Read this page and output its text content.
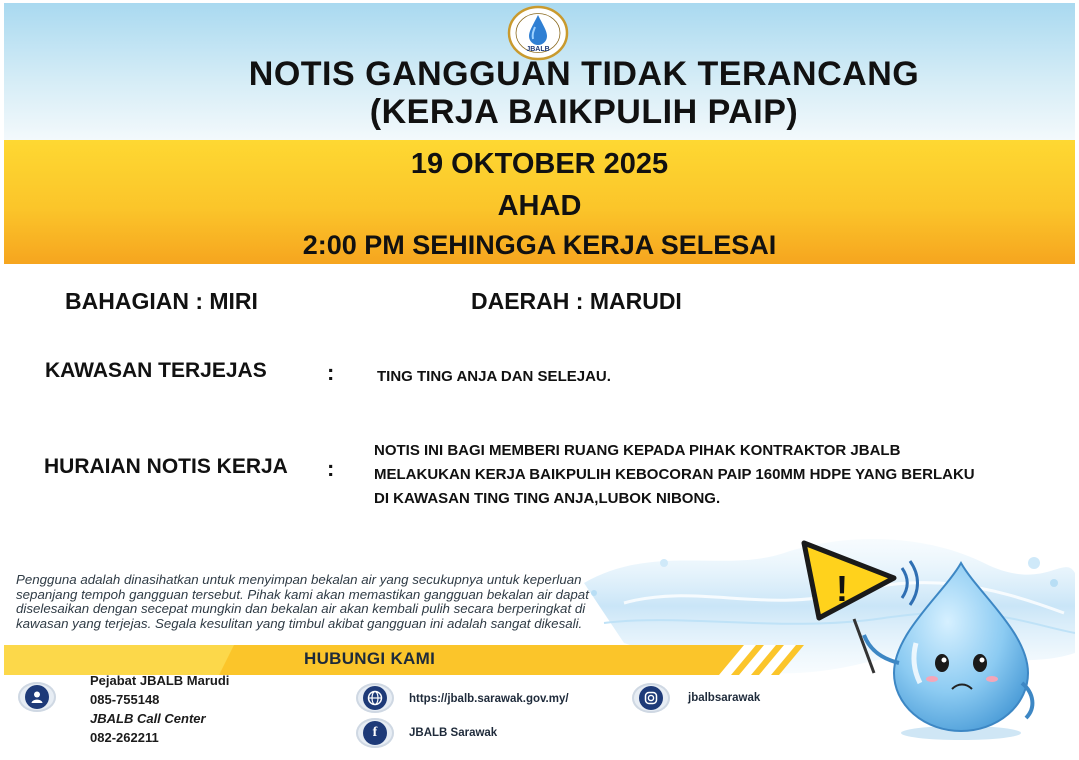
JBALB
NOTIS GANGGUAN TIDAK TERANCANG
(KERJA BAIKPULIH PAIP)
19 OKTOBER 2025
AHAD
2:00 PM SEHINGGA KERJA SELESAI
BAHAGIAN : MIRI	DAERAH : MARUDI
KAWASAN TERJEJAS	:	TING TING ANJA DAN SELEJAU.
HURAIAN NOTIS KERJA :
NOTIS INI BAGI MEMBERI RUANG KEPADA PIHAK KONTRAKTOR JBALB
MELAKUKAN KERJA BAIKPULIH KEBOCORAN PAIP 160MM HDPE YANG BERLAKU
DI KAWASAN TING TING ANJA,LUBOK NIBONG.
!
Pengguna adalah dinasihatkan untuk menyimpan bekalan air yang secukupnya untuk keperluan
sepanjang tempoh gangguan tersebut. Pihak kami akan memastikan gangguan bekalan air dapat
diselesaikan dengan secepat mungkin dan bekalan air akan kembali pulih secara berperingkat di
kawasan yang terjejas. Segala kesulitan yang timbul akibat gangguan ini adalah sangat dikesali.
HUBUNGI KAMI
Pejabat JBALB Marudi
085-755148
JBALB Call Center
082-262211
https://jbalb.sarawak.gov.my/
f	JBALB Sarawak
jbalbsarawak
